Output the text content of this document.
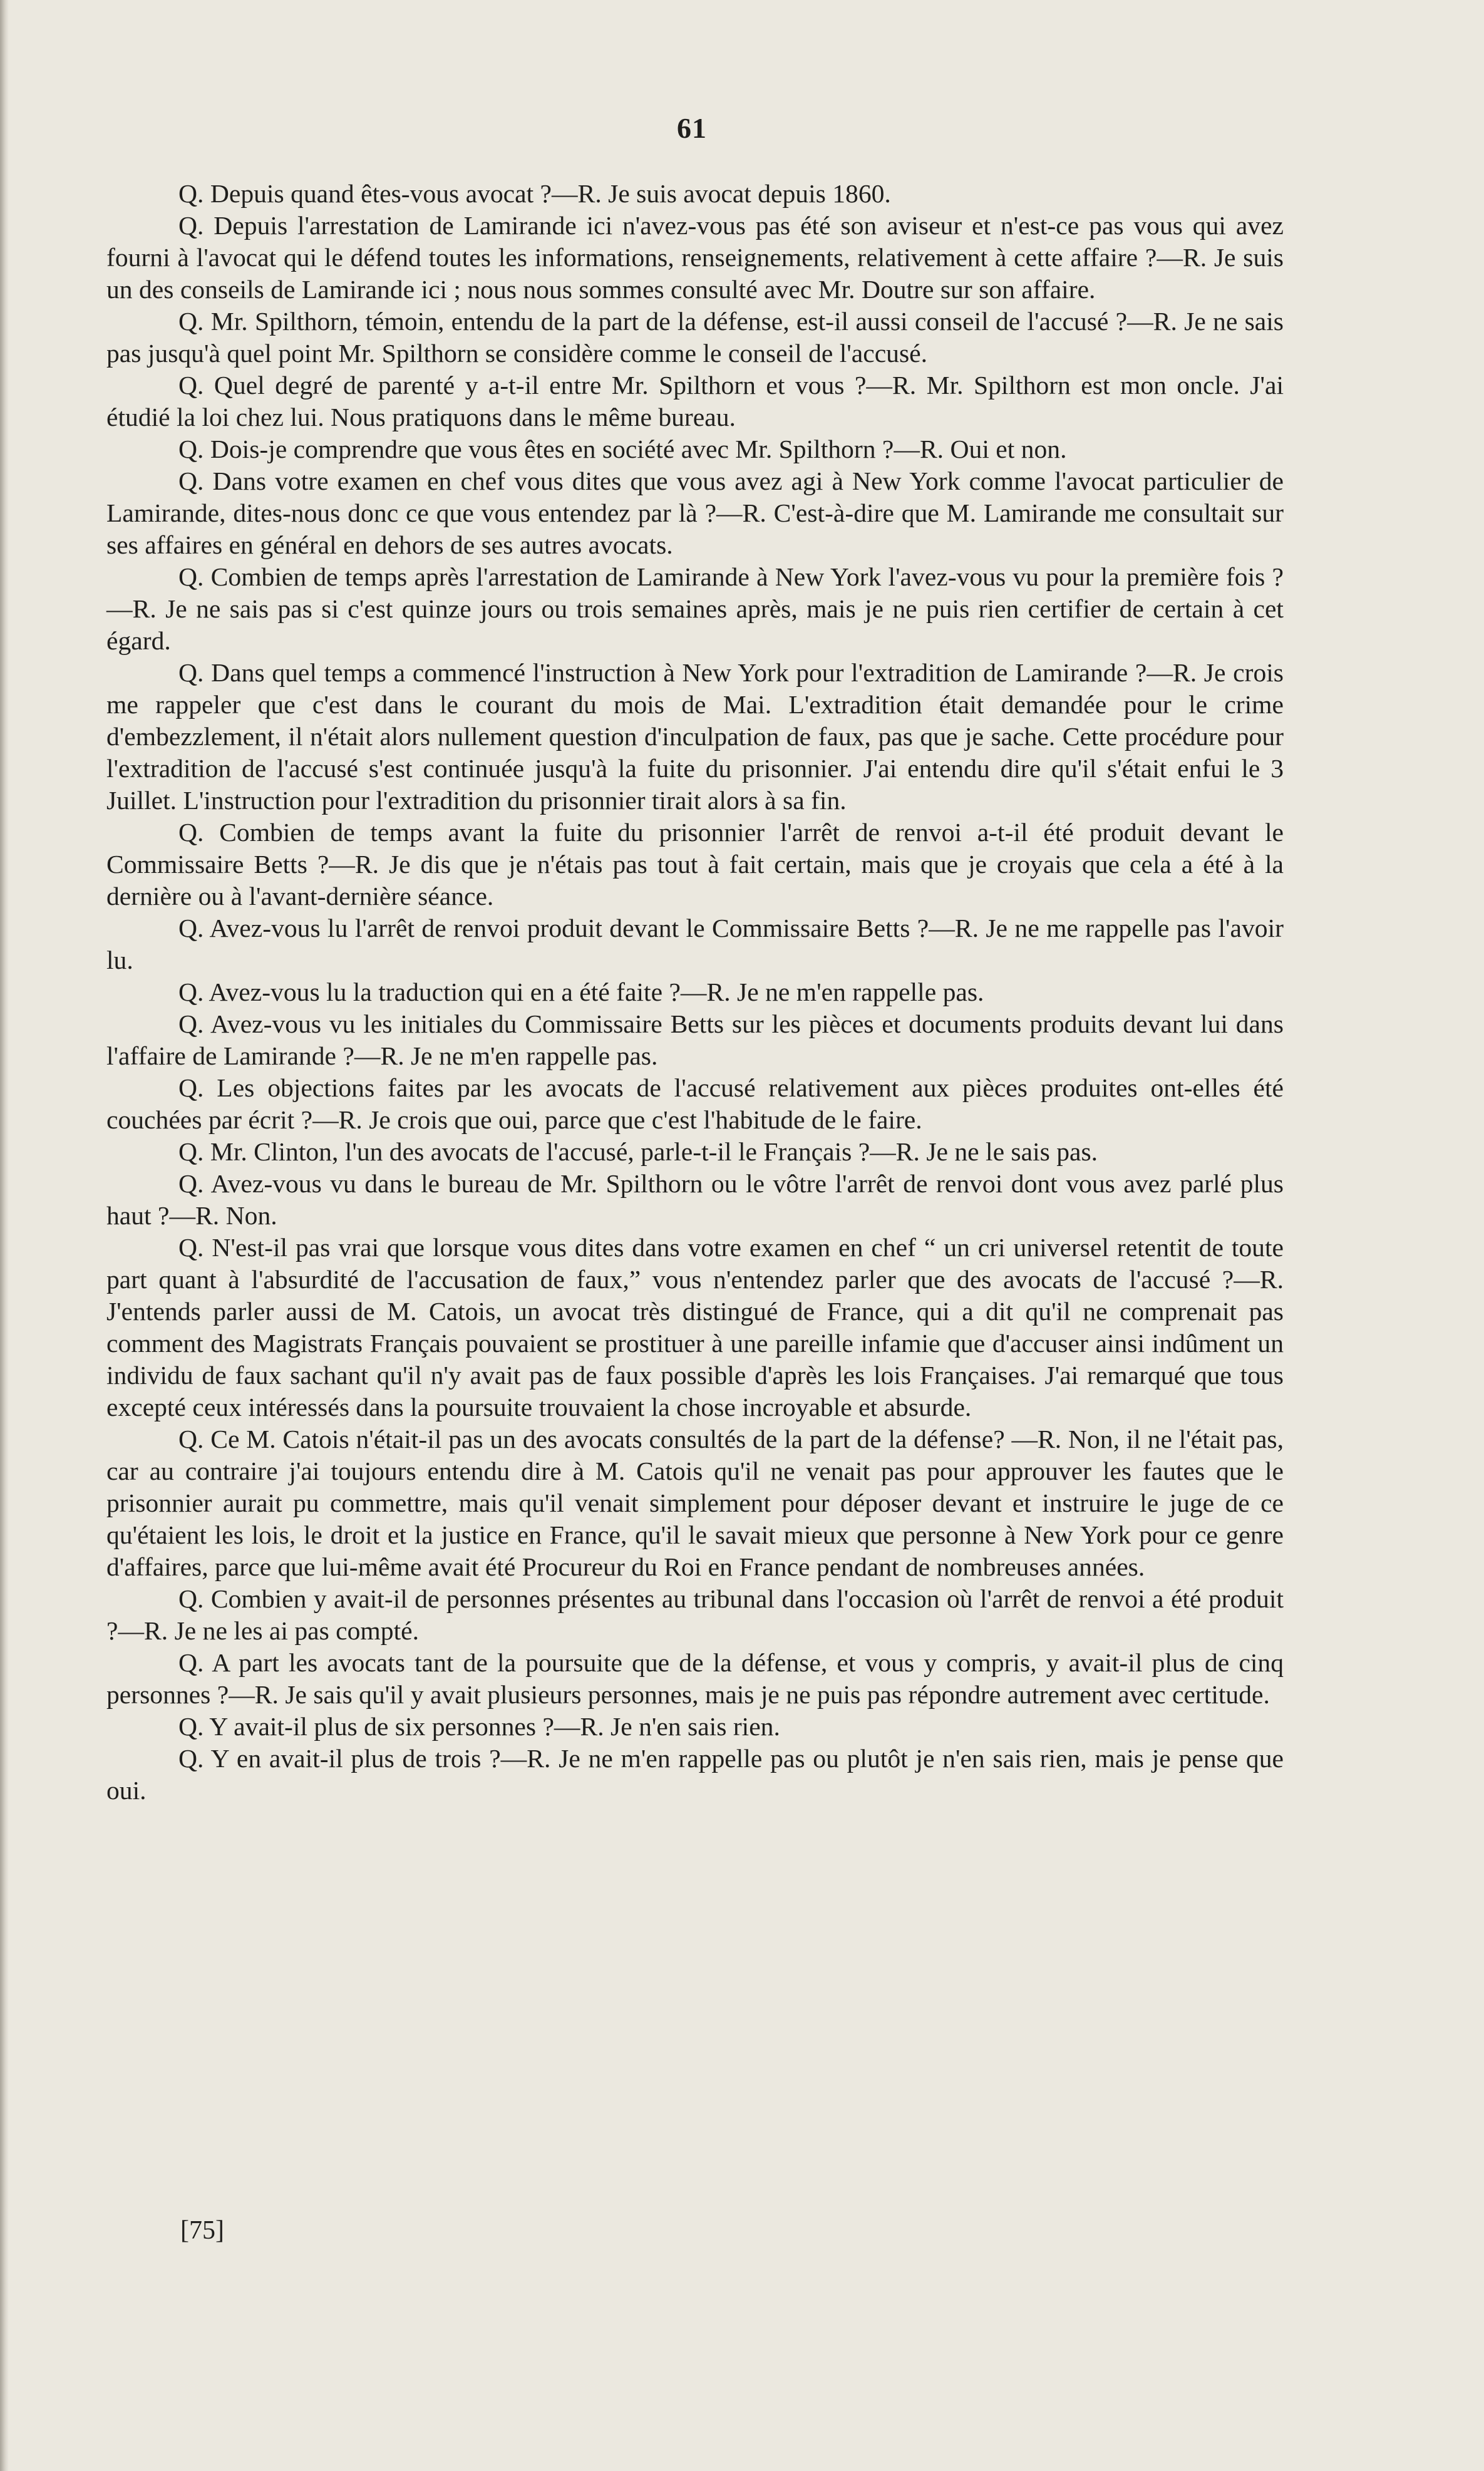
61

Q. Depuis quand êtes-vous avocat ?—R. Je suis avocat depuis 1860.

Q. Depuis l'arrestation de Lamirande ici n'avez-vous pas été son aviseur et n'est-ce pas vous qui avez fourni à l'avocat qui le défend toutes les informations, renseignements, relativement à cette affaire ?—R. Je suis un des conseils de Lamirande ici ; nous nous sommes consulté avec Mr. Doutre sur son affaire.

Q. Mr. Spilthorn, témoin, entendu de la part de la défense, est-il aussi conseil de l'accusé ?—R. Je ne sais pas jusqu'à quel point Mr. Spilthorn se considère comme le conseil de l'accusé.

Q. Quel degré de parenté y a-t-il entre Mr. Spilthorn et vous ?—R. Mr. Spilthorn est mon oncle. J'ai étudié la loi chez lui. Nous pratiquons dans le même bureau.

Q. Dois-je comprendre que vous êtes en société avec Mr. Spilthorn ?—R. Oui et non.

Q. Dans votre examen en chef vous dites que vous avez agi à New York comme l'avocat particulier de Lamirande, dites-nous donc ce que vous entendez par là ?—R. C'est-à-dire que M. Lamirande me consultait sur ses affaires en général en dehors de ses autres avocats.

Q. Combien de temps après l'arrestation de Lamirande à New York l'avez-vous vu pour la première fois ?—R. Je ne sais pas si c'est quinze jours ou trois semaines après, mais je ne puis rien certifier de certain à cet égard.

Q. Dans quel temps a commencé l'instruction à New York pour l'extradition de Lamirande ?—R. Je crois me rappeler que c'est dans le courant du mois de Mai. L'extradition était demandée pour le crime d'embezzlement, il n'était alors nullement question d'inculpation de faux, pas que je sache. Cette procédure pour l'extradition de l'accusé s'est continuée jusqu'à la fuite du prisonnier. J'ai entendu dire qu'il s'était enfui le 3 Juillet. L'instruction pour l'extradition du prisonnier tirait alors à sa fin.

Q. Combien de temps avant la fuite du prisonnier l'arrêt de renvoi a-t-il été produit devant le Commissaire Betts ?—R. Je dis que je n'étais pas tout à fait certain, mais que je croyais que cela a été à la dernière ou à l'avant-dernière séance.

Q. Avez-vous lu l'arrêt de renvoi produit devant le Commissaire Betts ?—R. Je ne me rappelle pas l'avoir lu.

Q. Avez-vous lu la traduction qui en a été faite ?—R. Je ne m'en rappelle pas.

Q. Avez-vous vu les initiales du Commissaire Betts sur les pièces et documents produits devant lui dans l'affaire de Lamirande ?—R. Je ne m'en rappelle pas.

Q. Les objections faites par les avocats de l'accusé relativement aux pièces produites ont-elles été couchées par écrit ?—R. Je crois que oui, parce que c'est l'habitude de le faire.

Q. Mr. Clinton, l'un des avocats de l'accusé, parle-t-il le Français ?—R. Je ne le sais pas.

Q. Avez-vous vu dans le bureau de Mr. Spilthorn ou le vôtre l'arrêt de renvoi dont vous avez parlé plus haut ?—R. Non.

Q. N'est-il pas vrai que lorsque vous dites dans votre examen en chef “ un cri universel retentit de toute part quant à l'absurdité de l'accusation de faux,” vous n'entendez parler que des avocats de l'accusé ?—R. J'entends parler aussi de M. Catois, un avocat très distingué de France, qui a dit qu'il ne comprenait pas comment des Magistrats Français pouvaient se prostituer à une pareille infamie que d'accuser ainsi indûment un individu de faux sachant qu'il n'y avait pas de faux possible d'après les lois Françaises. J'ai remarqué que tous excepté ceux intéressés dans la poursuite trouvaient la chose incroyable et absurde.

Q. Ce M. Catois n'était-il pas un des avocats consultés de la part de la défense? —R. Non, il ne l'était pas, car au contraire j'ai toujours entendu dire à M. Catois qu'il ne venait pas pour approuver les fautes que le prisonnier aurait pu commettre, mais qu'il venait simplement pour déposer devant et instruire le juge de ce qu'étaient les lois, le droit et la justice en France, qu'il le savait mieux que personne à New York pour ce genre d'affaires, parce que lui-même avait été Procureur du Roi en France pendant de nombreuses années.

Q. Combien y avait-il de personnes présentes au tribunal dans l'occasion où l'arrêt de renvoi a été produit ?—R. Je ne les ai pas compté.

Q. A part les avocats tant de la poursuite que de la défense, et vous y compris, y avait-il plus de cinq personnes ?—R. Je sais qu'il y avait plusieurs personnes, mais je ne puis pas répondre autrement avec certitude.

Q. Y avait-il plus de six personnes ?—R. Je n'en sais rien.

Q. Y en avait-il plus de trois ?—R. Je ne m'en rappelle pas ou plutôt je n'en sais rien, mais je pense que oui.

[75]
